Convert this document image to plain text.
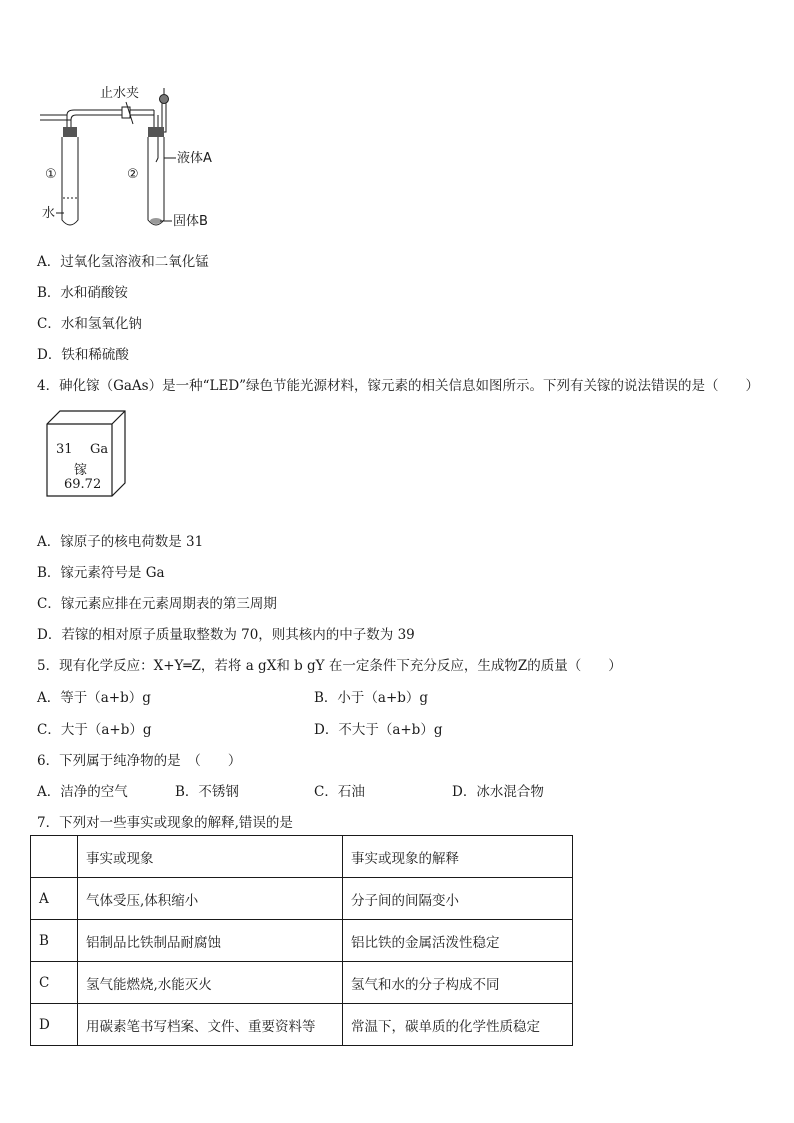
止水夹
①
水
②
液体A
固体B
A．过氧化氢溶液和二氧化锰
B．水和硝酸铵
C．水和氢氧化钠
D．铁和稀硫酸
4．砷化镓（GaAs）是一种“LED”绿色节能光源材料，镓元素的相关信息如图所示。下列有关镓的说法错误的是（　　）
31 Ga
镓
69.72
A．镓原子的核电荷数是 31
B．镓元素符号是 Ga
C．镓元素应排在元素周期表的第三周期
D．若镓的相对原子质量取整数为 70，则其核内的中子数为 39
5．现有化学反应：X+Y═Z，若将 a gX和 b gY 在一定条件下充分反应，生成物Z的质量（　　）
A．等于（a+b）g	B．小于（a+b）g
C．大于（a+b）g	D．不大于（a+b）g
6．下列属于纯净物的是　（　　）
A．洁净的空气	B．不锈钢	C．石油	D．冰水混合物
7．下列对一些事实或现象的解释,错误的是
	事实或现象	事实或现象的解释
A	气体受压,体积缩小	分子间的间隔变小
B	铝制品比铁制品耐腐蚀	铝比铁的金属活泼性稳定
C	氢气能燃烧,水能灭火	氢气和水的分子构成不同
D	用碳素笔书写档案、文件、重要资料等	常温下，碳单质的化学性质稳定
